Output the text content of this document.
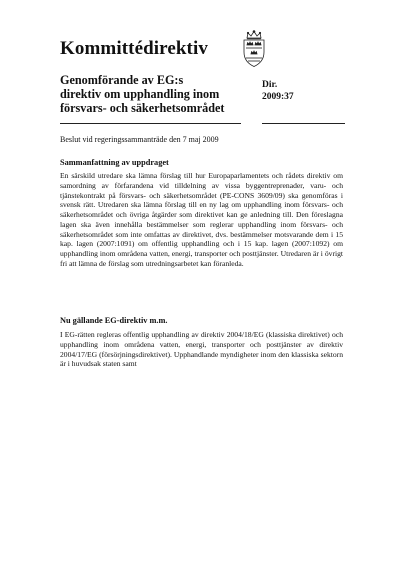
Kommittédirektiv
Genomförande av EG:s direktiv om upphandling inom försvars- och säkerhetsområdet
Dir.
2009:37
Beslut vid regeringssammanträde den 7 maj 2009
Sammanfattning av uppdraget

En särskild utredare ska lämna förslag till hur Europaparlamentets och rådets direktiv om samordning av förfarandena vid tilldelning av vissa byggentreprenader, varu- och tjänstekontrakt på försvars- och säkerhetsområdet (PE-CONS 3609/09) ska genomföras i svensk rätt. Utredaren ska lämna förslag till en ny lag om upphandling inom försvars- och säkerhetsområdet och övriga åtgärder som direktivet kan ge anledning till. Den föreslagna lagen ska även innehålla bestämmelser som reglerar upphandling inom försvars- och säkerhetsområdet som inte omfattas av direktivet, dvs. bestämmelser motsvarande dem i 15 kap. lagen (2007:1091) om offentlig upphandling och i 15 kap. lagen (2007:1092) om upphandling inom områdena vatten, energi, transporter och posttjänster. Utredaren är i övrigt fri att lämna de förslag som utredningsarbetet kan föranleda.

Nu gällande EG-direktiv m.m.

I EG-rätten regleras offentlig upphandling av direktiv 2004/18/EG (klassiska direktivet) och upphandling inom områdena vatten, energi, transporter och posttjänster av direktiv 2004/17/EG (försörjningsdirektivet). Upphandlande myndigheter inom den klassiska sektorn är i huvudsak staten samt
